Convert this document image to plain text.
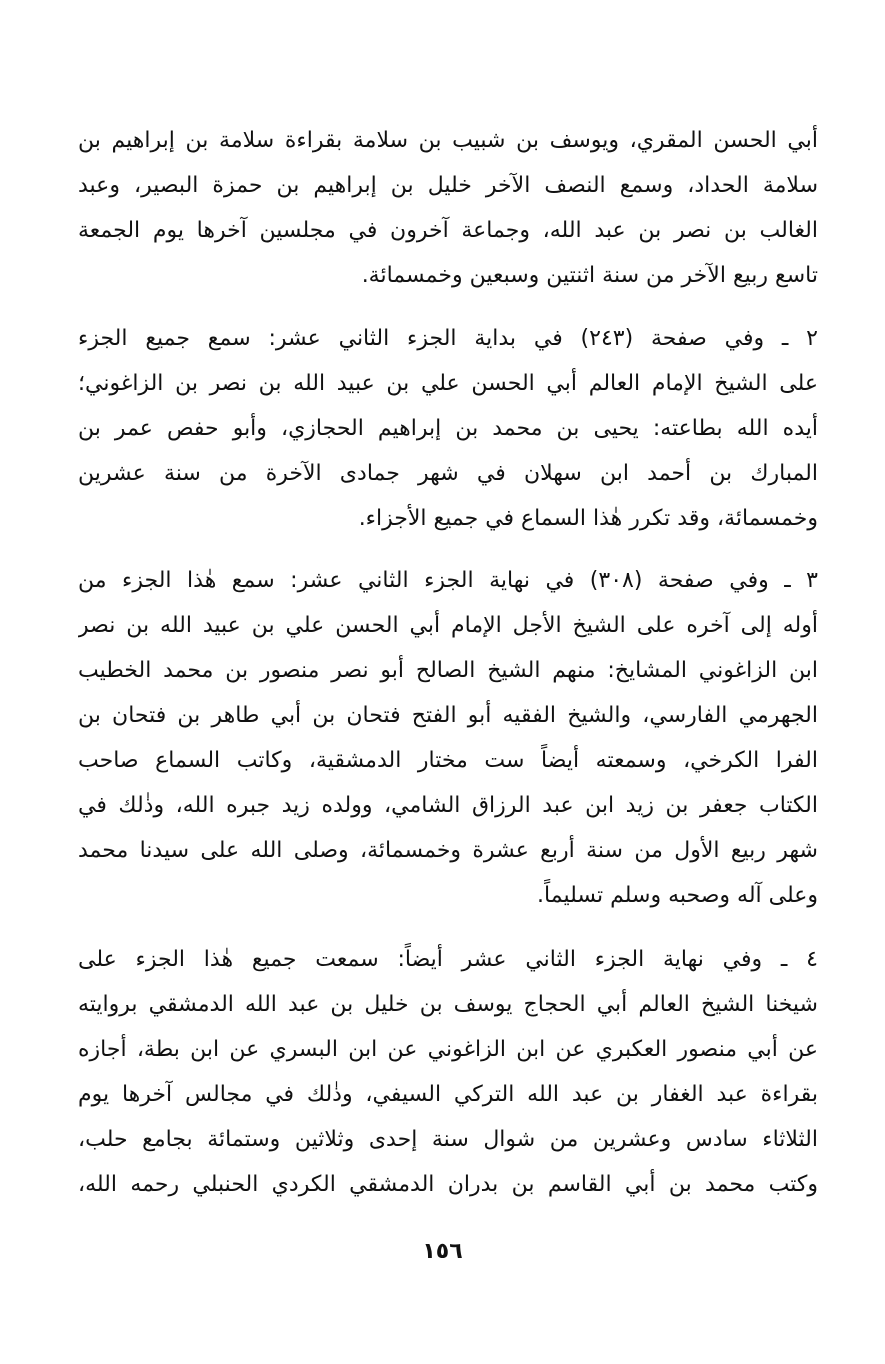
أبي الحسن المقري، ويوسف بن شبيب بن سلامة بقراءة سلامة بن إبراهيم بن
سلامة الحداد، وسمع النصف الآخر خليل بن إبراهيم بن حمزة البصير، وعبد
الغالب بن نصر بن عبد الله، وجماعة آخرون في مجلسين آخرها يوم الجمعة
تاسع ربيع الآخر من سنة اثنتين وسبعين وخمسمائة.
٢ ـ وفي صفحة (٢٤٣) في بداية الجزء الثاني عشر: سمع جميع الجزء
على الشيخ الإمام العالم أبي الحسن علي بن عبيد الله بن نصر بن الزاغوني؛
أيده الله بطاعته: يحيى بن محمد بن إبراهيم الحجازي، وأبو حفص عمر بن
المبارك بن أحمد ابن سهلان في شهر جمادى الآخرة من سنة عشرين
وخمسمائة، وقد تكرر هٰذا السماع في جميع الأجزاء.
٣ ـ وفي صفحة (٣٠٨) في نهاية الجزء الثاني عشر: سمع هٰذا الجزء من
أوله إلى آخره على الشيخ الأجل الإمام أبي الحسن علي بن عبيد الله بن نصر
ابن الزاغوني المشايخ: منهم الشيخ الصالح أبو نصر منصور بن محمد الخطيب
الجهرمي الفارسي، والشيخ الفقيه أبو الفتح فتحان بن أبي طاهر بن فتحان بن
الفرا الكرخي، وسمعته أيضاً ست مختار الدمشقية، وكاتب السماع صاحب
الكتاب جعفر بن زيد ابن عبد الرزاق الشامي، وولده زيد جبره الله، وذٰلك في
شهر ربيع الأول من سنة أربع عشرة وخمسمائة، وصلى الله على سيدنا محمد
وعلى آله وصحبه وسلم تسليماً.
٤ ـ وفي نهاية الجزء الثاني عشر أيضاً: سمعت جميع هٰذا الجزء على
شيخنا الشيخ العالم أبي الحجاج يوسف بن خليل بن عبد الله الدمشقي بروايته
عن أبي منصور العكبري عن ابن الزاغوني عن ابن البسري عن ابن بطة، أجازه
بقراءة عبد الغفار بن عبد الله التركي السيفي، وذٰلك في مجالس آخرها يوم
الثلاثاء سادس وعشرين من شوال سنة إحدى وثلاثين وستمائة بجامع حلب،
وكتب محمد بن أبي القاسم بن بدران الدمشقي الكردي الحنبلي رحمه الله،
١٥٦
